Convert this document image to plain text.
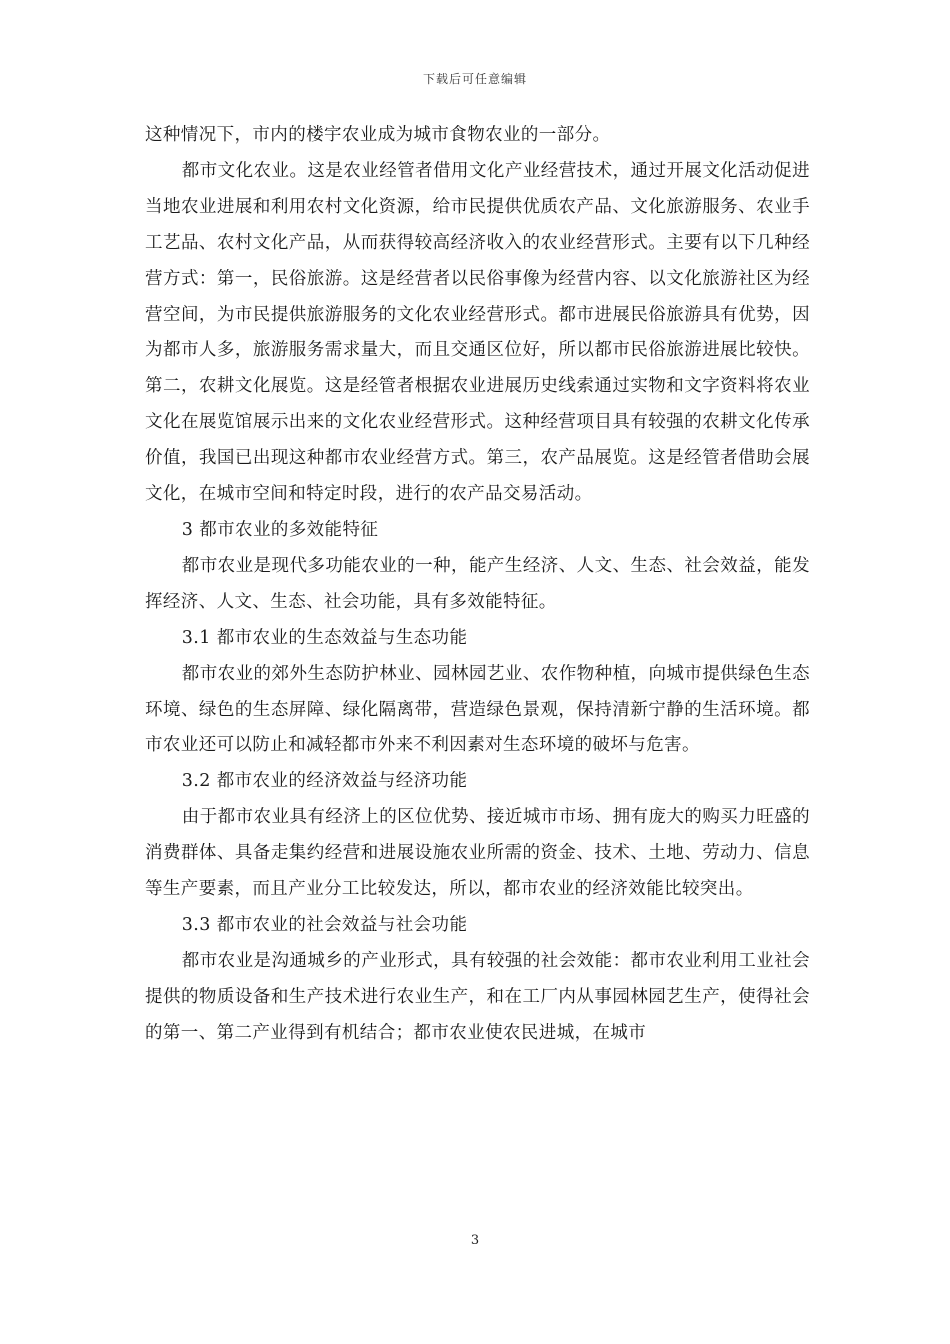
下载后可任意编辑

这种情况下，市内的楼宇农业成为城市食物农业的一部分。

都市文化农业。这是农业经管者借用文化产业经营技术，通过开展文化活动促进当地农业进展和利用农村文化资源，给市民提供优质农产品、文化旅游服务、农业手工艺品、农村文化产品，从而获得较高经济收入的农业经营形式。主要有以下几种经营方式：第一，民俗旅游。这是经营者以民俗事像为经营内容、以文化旅游社区为经营空间，为市民提供旅游服务的文化农业经营形式。都市进展民俗旅游具有优势，因为都市人多，旅游服务需求量大，而且交通区位好，所以都市民俗旅游进展比较快。第二，农耕文化展览。这是经管者根据农业进展历史线索通过实物和文字资料将农业文化在展览馆展示出来的文化农业经营形式。这种经营项目具有较强的农耕文化传承价值，我国已出现这种都市农业经营方式。第三，农产品展览。这是经管者借助会展文化，在城市空间和特定时段，进行的农产品交易活动。

3 都市农业的多效能特征

都市农业是现代多功能农业的一种，能产生经济、人文、生态、社会效益，能发挥经济、人文、生态、社会功能，具有多效能特征。

3.1 都市农业的生态效益与生态功能

都市农业的郊外生态防护林业、园林园艺业、农作物种植，向城市提供绿色生态环境、绿色的生态屏障、绿化隔离带，营造绿色景观，保持清新宁静的生活环境。都市农业还可以防止和减轻都市外来不利因素对生态环境的破坏与危害。

3.2 都市农业的经济效益与经济功能

由于都市农业具有经济上的区位优势、接近城市市场、拥有庞大的购买力旺盛的消费群体、具备走集约经营和进展设施农业所需的资金、技术、土地、劳动力、信息等生产要素，而且产业分工比较发达，所以，都市农业的经济效能比较突出。

3.3 都市农业的社会效益与社会功能

都市农业是沟通城乡的产业形式，具有较强的社会效能：都市农业利用工业社会提供的物质设备和生产技术进行农业生产，和在工厂内从事园林园艺生产，使得社会的第一、第二产业得到有机结合；都市农业使农民进城，在城市

3
